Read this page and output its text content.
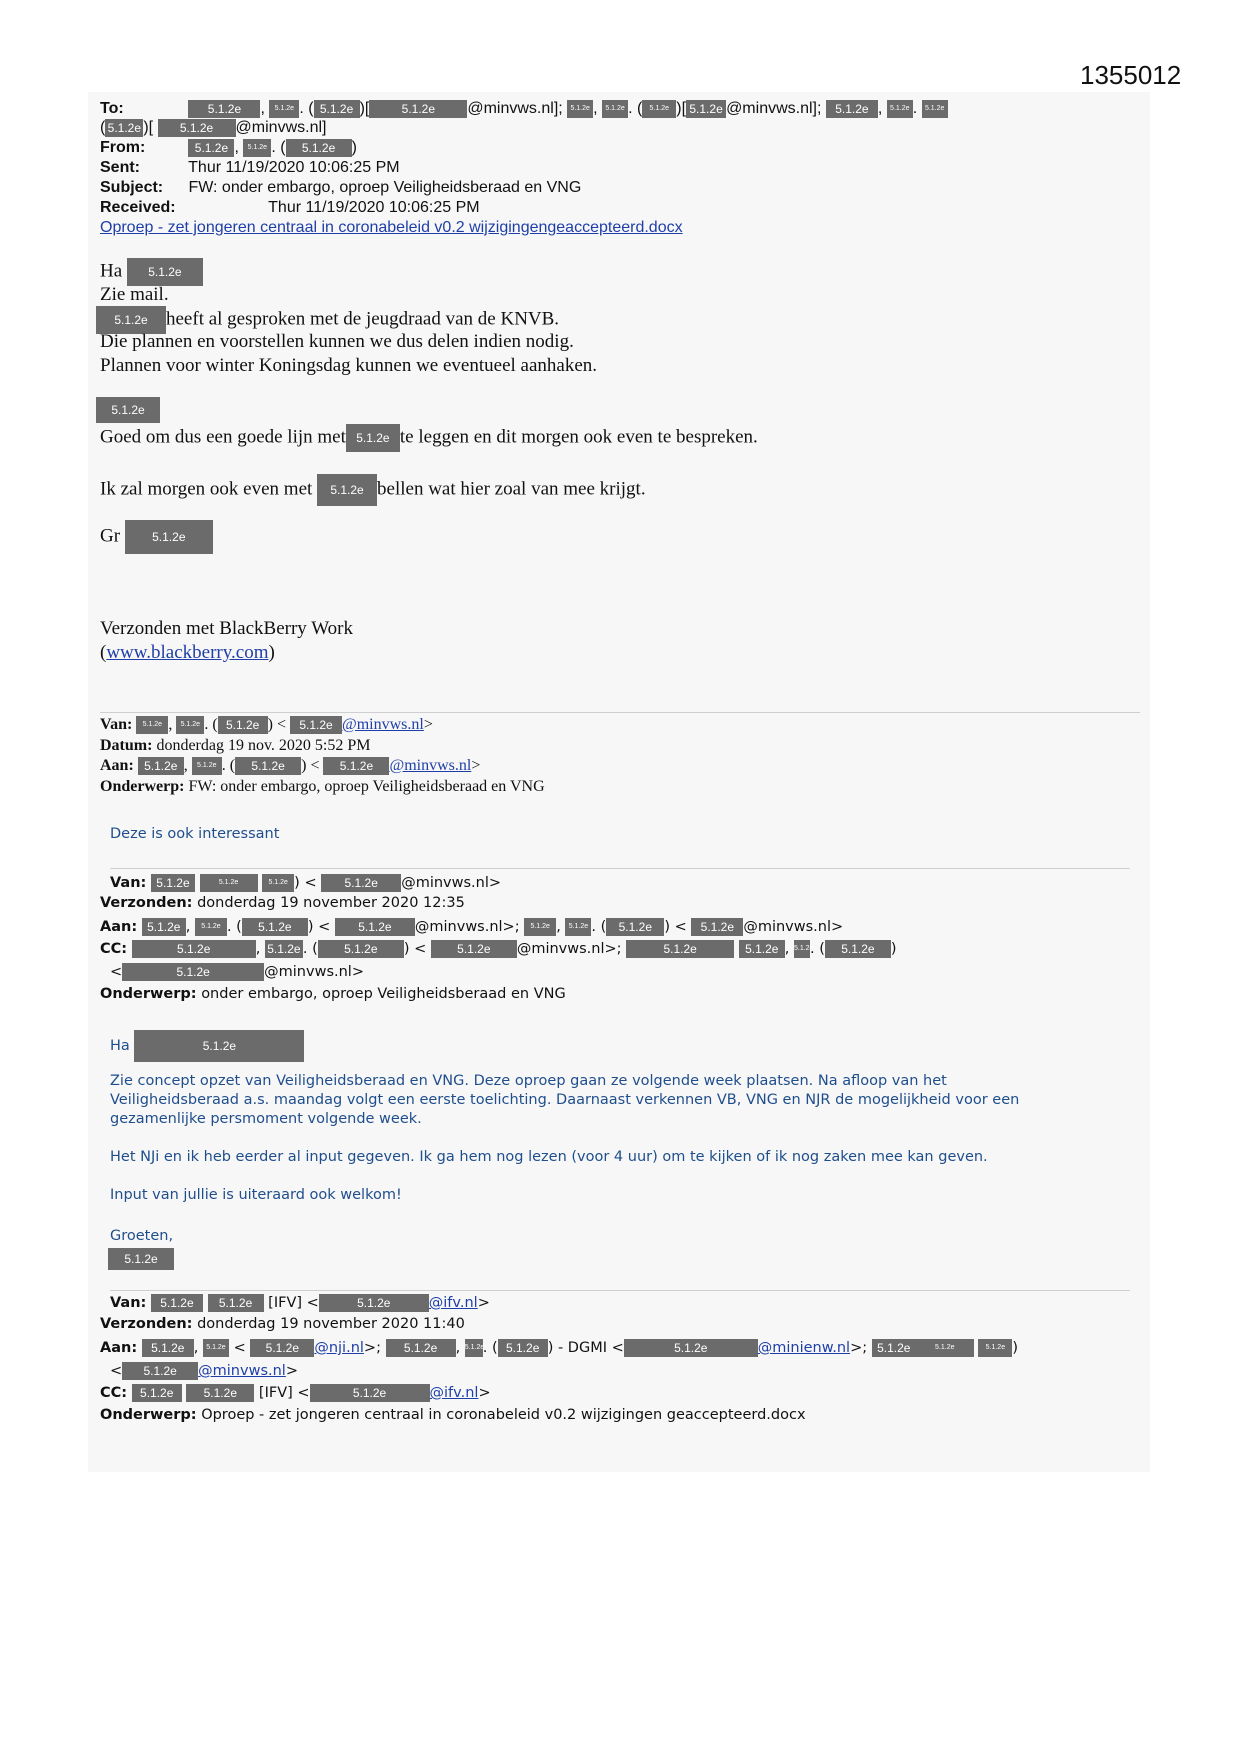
1355012
To:	5.1.2e , 5.1.2e . ( 5.1.2e )[	5.1.2e @minvws.nl]; 5.1.2e , 5.1.2e . ( 5.1.2e )[ 5.1.2e @minvws.nl]; 5.1.2e , 5.1.2e . 5.1.2e
( 5.1.2e )[ 5.1.2e @minvws.nl]
From:	5.1.2e , 5.1.2e . ( 5.1.2e )
Sent:	Thur 11/19/2020 10:06:25 PM
Subject: FW: onder embargo, oproep Veiligheidsberaad en VNG
Received:	Thur 11/19/2020 10:06:25 PM
Oproep - zet jongeren centraal in coronabeleid v0.2 wijzigingengeaccepteerd.docx
Ha 5.1.2e
Zie mail.
5.1.2e heeft al gesproken met de jeugdraad van de KNVB.
Die plannen en voorstellen kunnen we dus delen indien nodig.
Plannen voor winter Koningsdag kunnen we eventueel aanhaken.
5.1.2e
Goed om dus een goede lijn met 5.1.2e te leggen en dit morgen ook even te bespreken.
Ik zal morgen ook even met 5.1.2e bellen wat hier zoal van mee krijgt.
Gr	5.1.2e
Verzonden met BlackBerry Work
(www.blackberry.com)
Van: 5.1.2e , 5.1.2e . ( 5.1.2e ) < 5.1.2e @minvws.nl>
Datum: donderdag 19 nov. 2020 5:52 PM
Aan: 5.1.2e , 5.1.2e . ( 5.1.2e ) < 5.1.2e @minvws.nl>
Onderwerp: FW: onder embargo, oproep Veiligheidsberaad en VNG
Deze is ook interessant
Van: 5.1.2e	5.1.2e	5.1.2e ) < 5.1.2e @minvws.nl>
Verzonden: donderdag 19 november 2020 12:35
Aan: 5.1.2e , 5.1.2e . ( 5.1.2e ) < 5.1.2e @minvws.nl>; 5.1.2e , 5.1.2e . ( 5.1.2e ) < 5.1.2e @minvws.nl>
CC:	5.1.2e	, 5.1.2e . ( 5.1.2e ) < 5.1.2e @minvws.nl>;	5.1.2e	5.1.2e , 5.1.2e. ( 5.1.2e )
<	5.1.2e	@minvws.nl>
Onderwerp: onder embargo, oproep Veiligheidsberaad en VNG
Ha	5.1.2e
Zie concept opzet van Veiligheidsberaad en VNG. Deze oproep gaan ze volgende week plaatsen. Na afloop van het
Veiligheidsberaad a.s. maandag volgt een eerste toelichting. Daarnaast verkennen VB, VNG en NJR de mogelijkheid voor een
gezamenlijke persmoment volgende week.
Het NJi en ik heb eerder al input gegeven. Ik ga hem nog lezen (voor 4 uur) om te kijken of ik nog zaken mee kan geven.
Input van jullie is uiteraard ook welkom!
Groeten,
5.1.2e
Van: 5.1.2e 5.1.2e [IFV] <	5.1.2e	@ifv.nl>
Verzonden: donderdag 19 november 2020 11:40
Aan: 5.1.2e , 5.1.2e < 5.1.2e @nji.nl>; 5.1.2e , 5.1.2e. ( 5.1.2e ) - DGMI <	5.1.2e	@minienw.nl>; 5.1.2e	5.1.2e	5.1.2e )
< 5.1.2e @minvws.nl>
CC: 5.1.2e	5.1.2e [IFV] <	5.1.2e	@ifv.nl>
Onderwerp: Oproep - zet jongeren centraal in coronabeleid v0.2 wijzigingen geaccepteerd.docx
